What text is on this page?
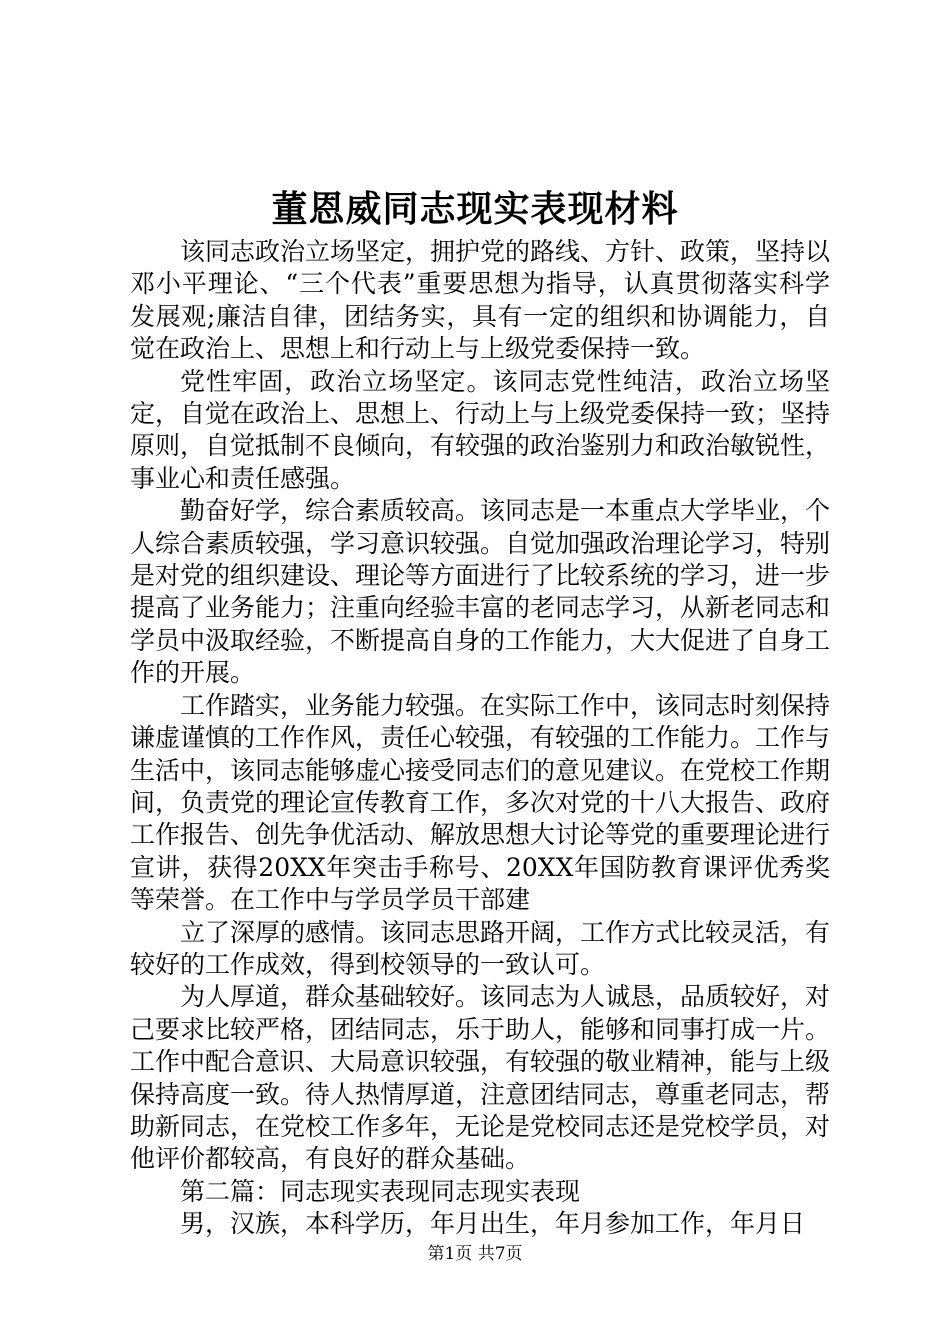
董恩威同志现实表现材料

该同志政治立场坚定，拥护党的路线、方针、政策，坚持以邓小平理论、“三个代表”重要思想为指导，认真贯彻落实科学发展观;廉洁自律，团结务实，具有一定的组织和协调能力，自觉在政治上、思想上和行动上与上级党委保持一致。

党性牢固，政治立场坚定。该同志党性纯洁，政治立场坚定，自觉在政治上、思想上、行动上与上级党委保持一致；坚持原则，自觉抵制不良倾向，有较强的政治鉴别力和政治敏锐性，事业心和责任感强。

勤奋好学，综合素质较高。该同志是一本重点大学毕业，个人综合素质较强，学习意识较强。自觉加强政治理论学习，特别是对党的组织建设、理论等方面进行了比较系统的学习，进一步提高了业务能力；注重向经验丰富的老同志学习，从新老同志和学员中汲取经验，不断提高自身的工作能力，大大促进了自身工作的开展。

工作踏实，业务能力较强。在实际工作中，该同志时刻保持谦虚谨慎的工作作风，责任心较强，有较强的工作能力。工作与生活中，该同志能够虚心接受同志们的意见建议。在党校工作期间，负责党的理论宣传教育工作，多次对党的十八大报告、政府工作报告、创先争优活动、解放思想大讨论等党的重要理论进行宣讲，获得20XX年突击手称号、20XX年国防教育课评优秀奖等荣誉。在工作中与学员学员干部建

立了深厚的感情。该同志思路开阔，工作方式比较灵活，有较好的工作成效，得到校领导的一致认可。

为人厚道，群众基础较好。该同志为人诚恳，品质较好，对己要求比较严格，团结同志，乐于助人，能够和同事打成一片。工作中配合意识、大局意识较强，有较强的敬业精神，能与上级保持高度一致。待人热情厚道，注意团结同志，尊重老同志，帮助新同志，在党校工作多年，无论是党校同志还是党校学员，对他评价都较高，有良好的群众基础。

第二篇：同志现实表现同志现实表现

男，汉族，本科学历，年月出生，年月参加工作，年月日

第1页 共7页
